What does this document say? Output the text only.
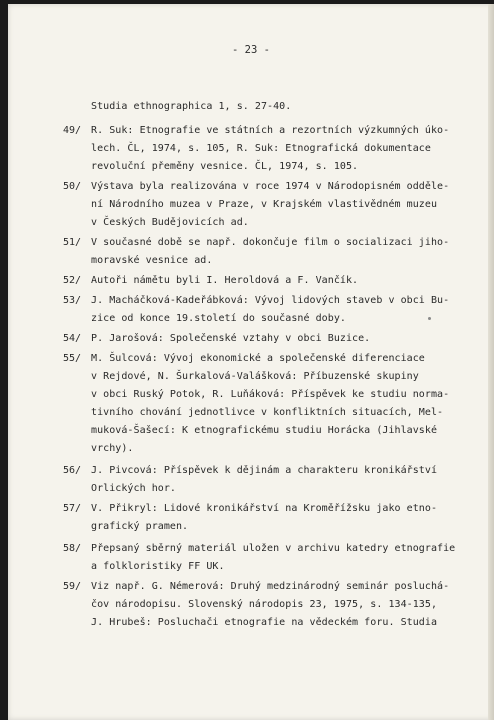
- 23 -
Studia ethnographica 1, s. 27-40.
49/ R. Suk: Etnografie ve státních a rezortních výzkumných úko-
lech. ČL, 1974, s. 105, R. Suk: Etnografická dokumentace
revoluční přeměny vesnice. ČL, 1974, s. 105.
50/ Výstava byla realizována v roce 1974 v Národopisném odděle-
ní Národního muzea v Praze, v Krajském vlastivědném muzeu
v Českých Budějovicích ad.
51/ V současné době se např. dokončuje film o socializaci jiho-
moravské vesnice ad.
52/ Autoři námětu byli I. Heroldová a F. Vančík.
53/ J. Macháčková-Kadeřábková: Vývoj lidových staveb v obci Bu-
zice od konce 19.století do současné doby.
54/ P. Jarošová: Společenské vztahy v obci Buzice.
55/ M. Šulcová: Vývoj ekonomické a společenské diferenciace
v Rejdové, N. Šurkalová-Valášková: Příbuzenské skupiny
v obci Ruský Potok, R. Luňáková: Příspěvek ke studiu norma-
tivního chování jednotlivce v konfliktních situacích, Mel-
muková-Šašecí: K etnografickému studiu Horácka (Jihlavské
vrchy).
56/ J. Pivcová: Příspěvek k dějinám a charakteru kronikářství
Orlických hor.
57/ V. Přikryl: Lidové kronikářství na Kroměřížsku jako etno-
grafický pramen.
58/ Přepsaný sběrný materiál uložen v archivu katedry etnografie
a folkloristiky FF UK.
59/ Viz např. G. Némerová: Druhý medzinárodný seminár posluchá-
čov národopisu. Slovenský národopis 23, 1975, s. 134-135,
J. Hrubeš: Posluchači etnografie na vědeckém foru. Studia
